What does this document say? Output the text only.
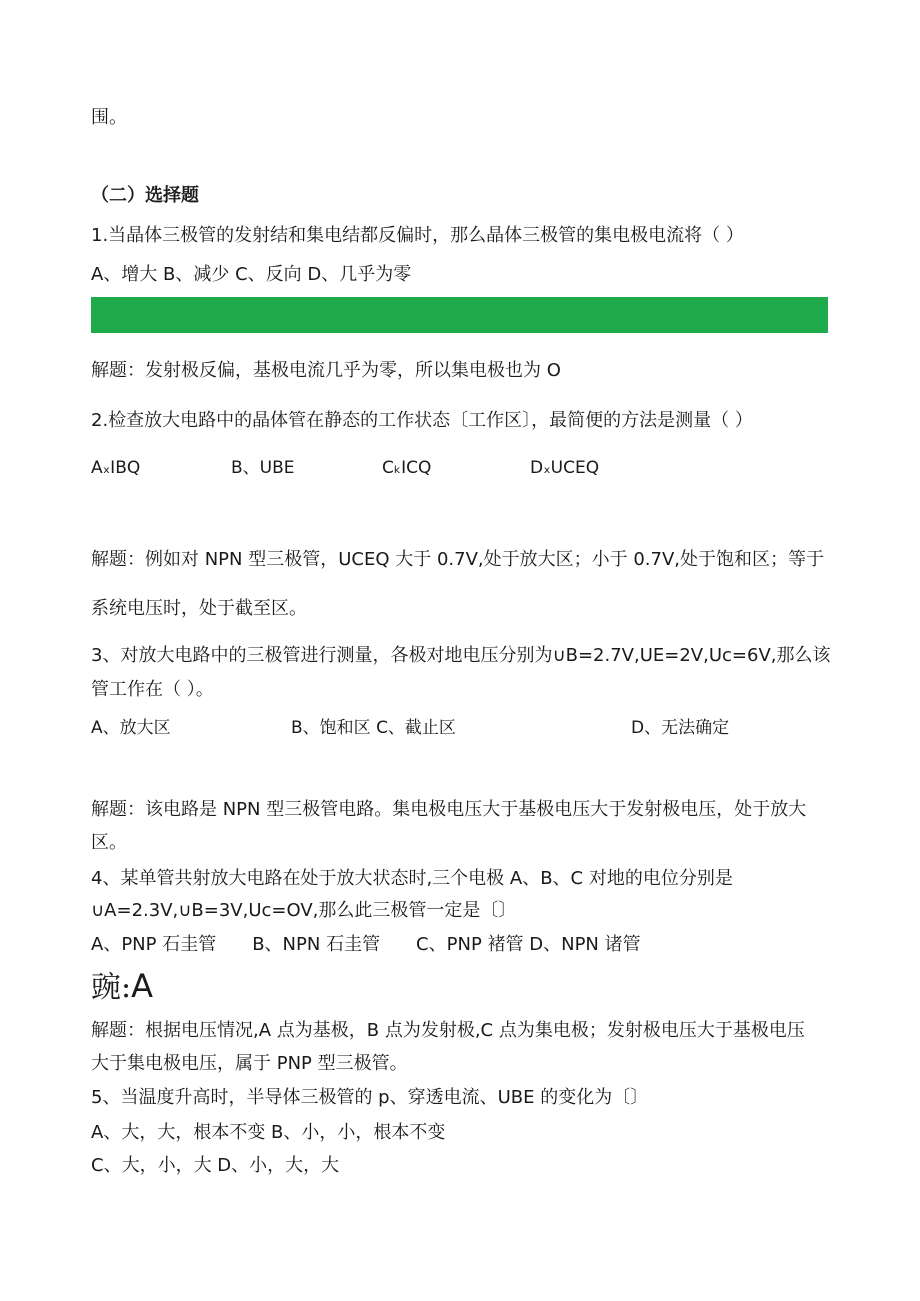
围。
（二）选择题
1.当晶体三极管的发射结和集电结都反偏时，那么晶体三极管的集电极电流将（ ）
A、增大 B、减少 C、反向 D、几乎为零
解题：发射极反偏，基极电流几乎为零，所以集电极也为 O
2.检查放大电路中的晶体管在静态的工作状态〔工作区〕，最简便的方法是测量（ ）
AₓIBQ	B、UBE	CₖICQ	DₓUCEQ
解题：例如对 NPN 型三极管，UCEQ 大于 0.7V,处于放大区；小于 0.7V,处于饱和区；等于
系统电压时，处于截至区。
3、对放大电路中的三极管进行测量，各极对地电压分别为∪B=2.7V,UE=2V,Uc=6V,那么该
管工作在（ ）。
A、放大区	B、饱和区 C、截止区	D、无法确定
解题：该电路是 NPN 型三极管电路。集电极电压大于基极电压大于发射极电压，处于放大
区。
4、某单管共射放大电路在处于放大状态时,三个电极 A、B、C 对地的电位分别是
∪A=2.3V,∪B=3V,Uc=OV,那么此三极管一定是〔〕
A、PNP 石圭管　　B、NPN 石圭管　　C、PNP 褚管 D、NPN 诸管
豌:A
解题：根据电压情况,A 点为基极，B 点为发射极,C 点为集电极；发射极电压大于基极电压
大于集电极电压，属于 PNP 型三极管。
5、当温度升高时，半导体三极管的 p、穿透电流、UBE 的变化为〔〕
A、大，大，根本不变 B、小，小，根本不变
C、大，小，大 D、小，大，大
